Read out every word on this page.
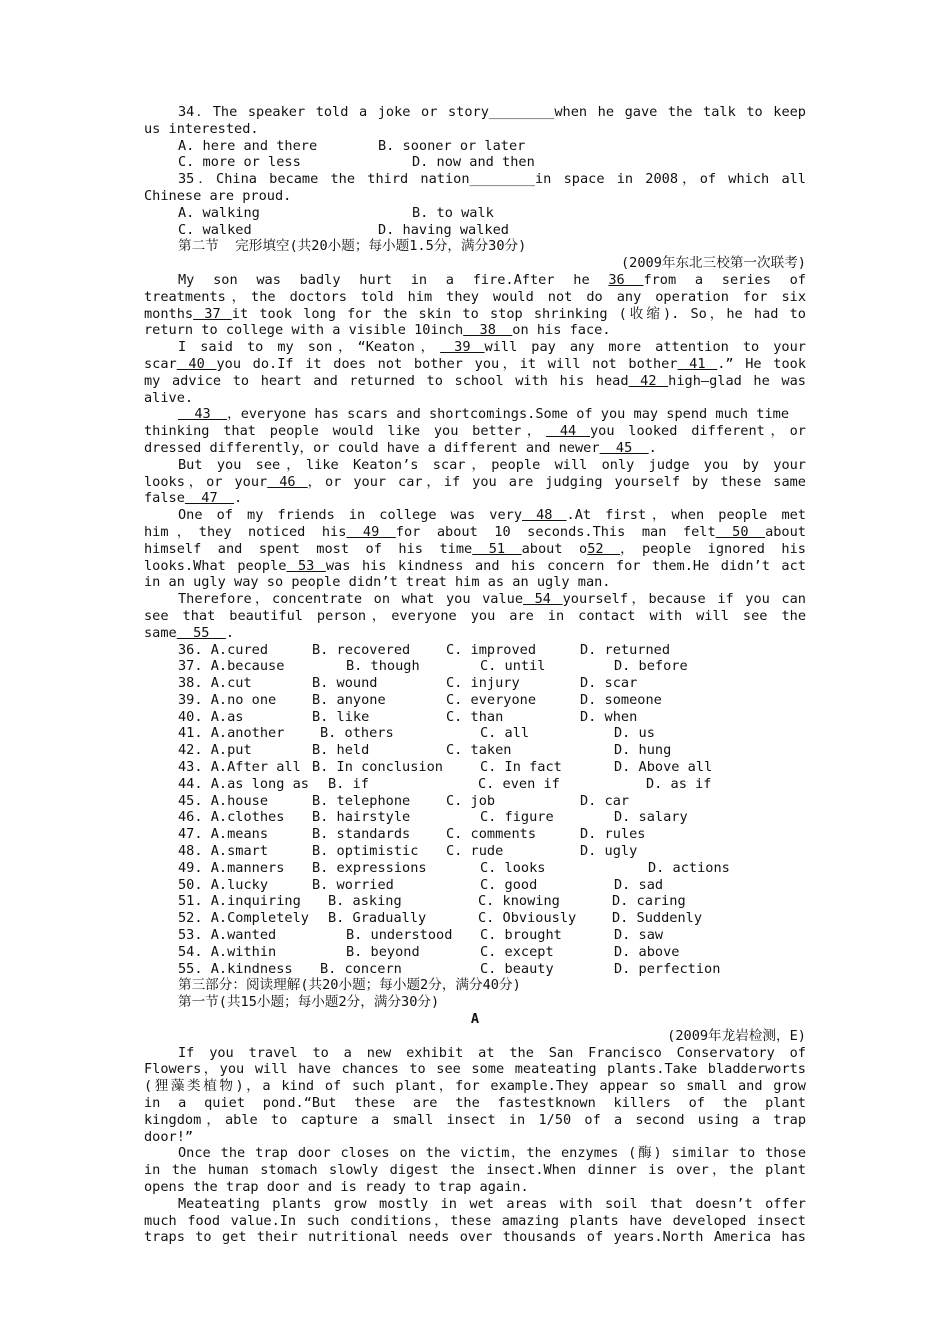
34．The speaker told a joke or story________when he gave the talk to keep
us interested.
A. here and there	B. sooner or later
C. more or less	D. now and then
35．China became the third nation________in space in 2008，of which all
Chinese are proud.
A. walking	B. to walk
C. walked	D. having walked
第二节  完形填空(共20小题；每小题1.5分，满分30分)
(2009年东北三校第一次联考)
My son was badly hurt in a fire.After he 36 from a series of
treatments，the doctors told him they would not do any operation for six
months 37 it took long for the skin to stop shrinking (收缩). So，he had to
return to college with a visible 10inch  38  on his face.
I said to my son，“Keaton， 39 will pay any more attention to your
scar 40 you do.If it does not bother you，it will not bother 41 .” He took
my advice to heart and returned to school with his head 42 high—glad he was
alive.
43  ，everyone has scars and shortcomings.Some of you may spend much time
thinking that people would like you better， 44 you looked different，or
dressed differently，or could have a different and newer  45  .
But you see，like Keaton’s scar，people will only judge you by your
looks，or your 46 ，or your car，if you are judging yourself by these same
false  47  .
One of my friends in college was very 48 .At first，when people met
him，they noticed his 49 for about 10 seconds.This man felt 50 about
himself and spent most of his time 51 about o52 ，people ignored his
looks.What people 53 was his kindness and his concern for them.He didn’t act
in an ugly way so people didn’t treat him as an ugly man.
Therefore，concentrate on what you value 54 yourself，because if you can
see that beautiful person，everyone you are in contact with will see the
same  55  .
36. A.cured	B. recovered	C. improved	D. returned
37. A.because	B. though	C. until	D. before
38. A.cut	B. wound	C. injury	D. scar
39. A.no one	B. anyone	C. everyone	D. someone
40. A.as	B. like	C. than	D. when
41. A.another	B. others	C. all	D. us
42. A.put	B. held	C. taken	D. hung
43. A.After all B. In conclusion	C. In fact	D. Above all
44. A.as long as	B. if	C. even if	D. as if
45. A.house	B. telephone	C. job	D. car
46. A.clothes	B. hairstyle	C. figure	D. salary
47. A.means	B. standards	C. comments	D. rules
48. A.smart	B. optimistic	C. rude	D. ugly
49. A.manners	B. expressions	C. looks	D. actions
50. A.lucky	B. worried	C. good	D. sad
51. A.inquiring	B. asking	C. knowing	D. caring
52. A.Completely	B. Gradually	C. Obviously	D. Suddenly
53. A.wanted	B. understood	C. brought	D. saw
54. A.within	B. beyond	C. except	D. above
55. A.kindness	B. concern	C. beauty	D. perfection
第三部分：阅读理解(共20小题；每小题2分，满分40分)
第一节(共15小题；每小题2分，满分30分)
A
(2009年龙岩检测，E)
If you travel to a new exhibit at the San Francisco Conservatory of
Flowers，you will have chances to see some meateating plants.Take bladderworts
(狸藻类植物)，a kind of such plant，for example.They appear so small and grow
in a quiet pond.“But these are the fastestknown killers of the plant
kingdom，able to capture a small insect in 1/50 of a second using a trap
door!”
Once the trap door closes on the victim，the enzymes (酶) similar to those
in the human stomach slowly digest the insect.When dinner is over，the plant
opens the trap door and is ready to trap again.
Meateating plants grow mostly in wet areas with soil that doesn’t offer
much food value.In such conditions，these amazing plants have developed insect
traps to get their nutritional needs over thousands of years.North America has
